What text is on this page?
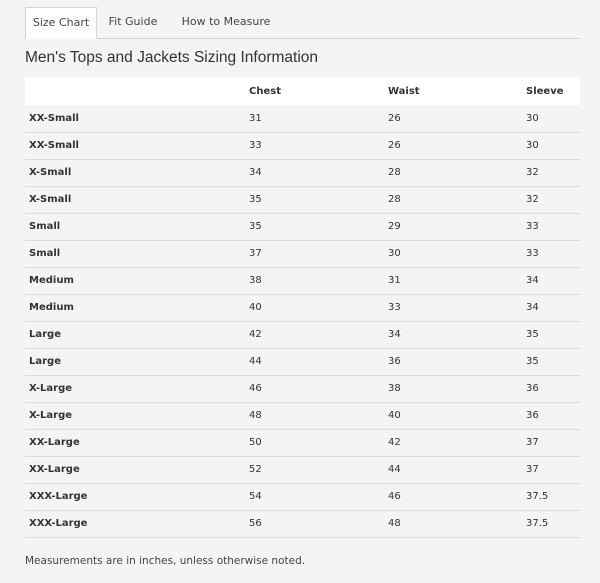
Size Chart	Fit Guide	How to Measure
Men's Tops and Jackets Sizing Information
	Chest	Waist	Sleeve
XX-Small	31	26	30
XX-Small	33	26	30
X-Small	34	28	32
X-Small	35	28	32
Small	35	29	33
Small	37	30	33
Medium	38	31	34
Medium	40	33	34
Large	42	34	35
Large	44	36	35
X-Large	46	38	36
X-Large	48	40	36
XX-Large	50	42	37
XX-Large	52	44	37
XXX-Large	54	46	37.5
XXX-Large	56	48	37.5
Measurements are in inches, unless otherwise noted.
